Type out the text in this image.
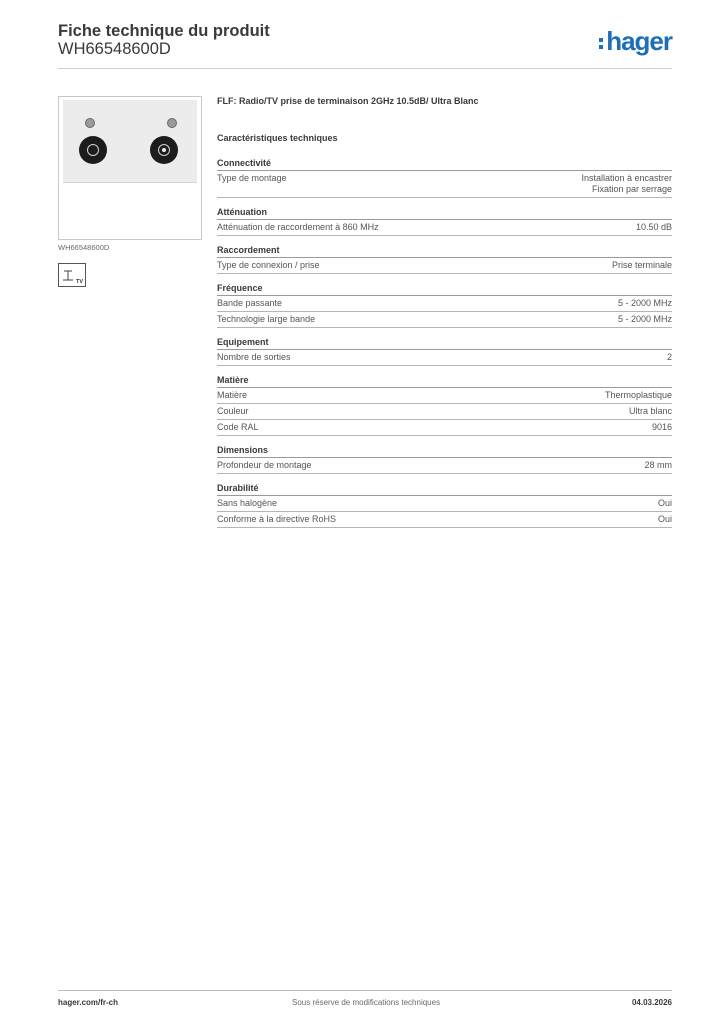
Fiche technique du produit
WH66548600D	hager
WH66548600D
TV
FLF: Radio/TV prise de terminaison 2GHz 10.5dB/ Ultra Blanc
Caractéristiques techniques
Connectivité
Type de montage	Installation à encastrer
Fixation par serrage
Atténuation
Atténuation de raccordement à 860 MHz	10.50 dB
Raccordement
Type de connexion / prise	Prise terminale
Fréquence
Bande passante	5 - 2000 MHz
Technologie large bande	5 - 2000 MHz
Equipement
Nombre de sorties	2
Matière
Matière	Thermoplastique
Couleur	Ultra blanc
Code RAL	9016
Dimensions
Profondeur de montage	28 mm
Durabilité
Sans halogène	Oui
Conforme à la directive RoHS	Oui
hager.com/fr-ch	Sous réserve de modifications techniques	04.03.2026
